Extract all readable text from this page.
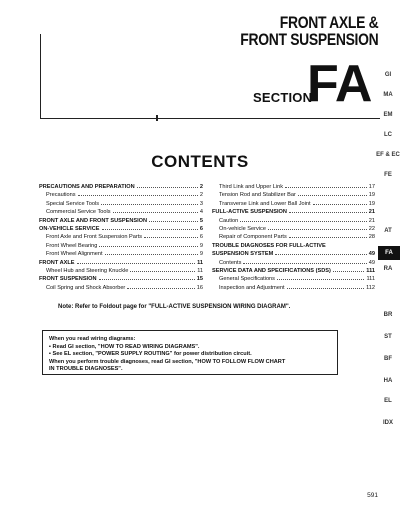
FRONT AXLE &
FRONT SUSPENSION
SECTION
FA
CONTENTS
PRECAUTIONS AND PREPARATION	2
Precautions	2
Special Service Tools	3
Commercial Service Tools	4
FRONT AXLE AND FRONT SUSPENSION	5
ON-VEHICLE SERVICE	6
Front Axle and Front Suspension Parts	6
Front Wheel Bearing	9
Front Wheel Alignment	9
FRONT AXLE	11
Wheel Hub and Steering Knuckle	11
FRONT SUSPENSION	15
Coil Spring and Shock Absorber	16
Third Link and Upper Link	17
Tension Rod and Stabilizer Bar	19
Transverse Link and Lower Ball Joint	19
FULL-ACTIVE SUSPENSION	21
Caution	21
On-vehicle Service	22
Repair of Component Parts	28
TROUBLE DIAGNOSES FOR FULL-ACTIVE
SUSPENSION SYSTEM	49
Contents	49
SERVICE DATA AND SPECIFICATIONS (SDS)	111
General Specifications	111
Inspection and Adjustment	112
Note: Refer to Foldout page for "FULL-ACTIVE SUSPENSION WIRING DIAGRAM".
When you read wiring diagrams:
▪ Read GI section, "HOW TO READ WIRING DIAGRAMS".
▪ See EL section, "POWER SUPPLY ROUTING" for power distribution circuit.
When you perform trouble diagnoses, read GI section, "HOW TO FOLLOW FLOW CHART
IN TROUBLE DIAGNOSES".
GI
MA
EM
LC
EF & EC
FE
AT
FA
RA
BR
ST
BF
HA
EL
IDX
591
